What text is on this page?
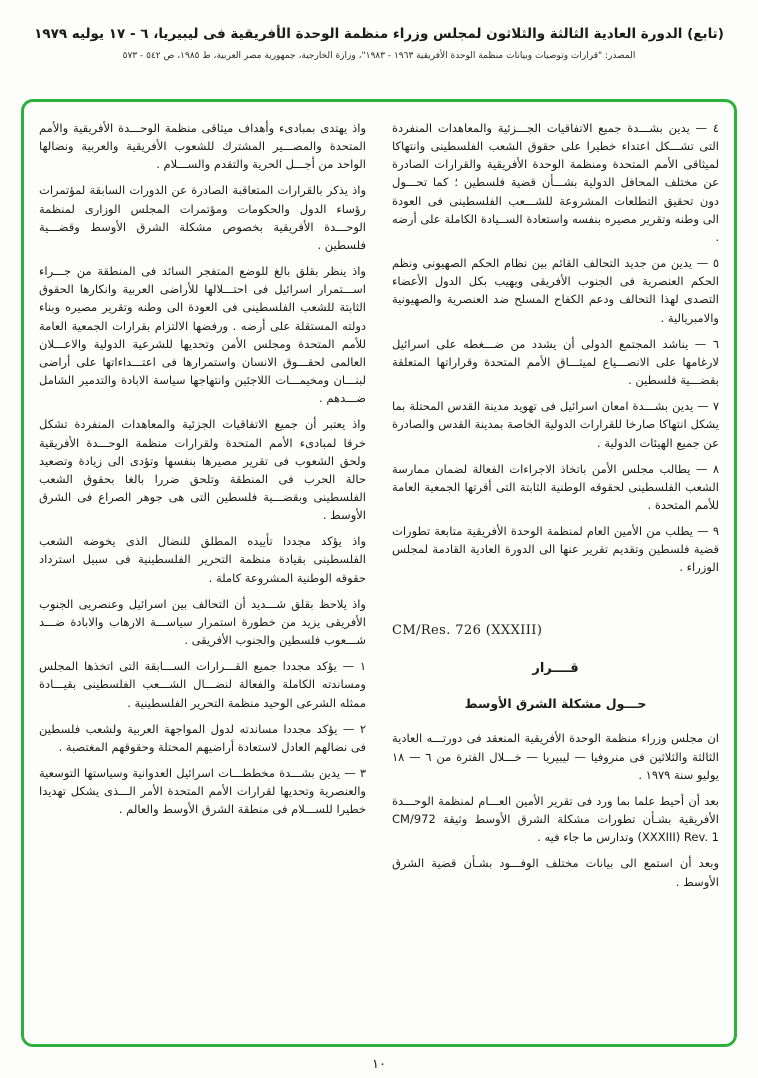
(تابع) الدورة العادية الثالثة والثلاثون لمجلس وزراء منظمة الوحدة الأفريقية فى ليبيريا، ٦ - ١٧ يوليه ١٩٧٩
المصدر: "قرارات وتوصيات وبيانات منظمة الوحدة الأفريقية ١٩٦٣ - ١٩٨٣"، وزارة الخارجية، جمهورية مصر العربية، ط ١٩٨٥، ص ٥٤٢ - ٥٧٣

٤ — يدين بشـــدة جميع الاتفاقيات الجـــزئية والمعاهدات المنفردة التى تشـــكل اعتداء خطيرا على حقوق الشعب الفلسطينى وانتهاكا لميثاقى الأمم المتحدة ومنظمة الوحدة الأفريقية والقرارات الصادرة عن مختلف المحافل الدولية بشـــأن قضية فلسطين ؛ كما تحـــول دون تحقيق التطلعات المشروعة للشـــعب الفلسطينى فى العودة الى وطنه وتقرير مصيره بنفسه واستعادة الســيادة الكاملة على أرضه .

٥ — يدين من جديد التحالف القائم بين نظام الحكم الصهيونى ونظم الحكم العنصرية فى الجنوب الأفريقى ويهيب بكل الدول الأعضاء التصدى لهذا التحالف ودعم الكفاح المسلح ضد العنصرية والصهيونية والامبريالية .

٦ — يناشد المجتمع الدولى أن يشدد من ضـــغطه على اسرائيل لارغامها على الانصـــياع لميثـــاق الأمم المتحدة وقراراتها المتعلقة بقضـــية فلسطين .

٧ — يدين بشـــدة امعان اسرائيل فى تهويد مدينة القدس المحتلة بما يشكل انتهاكا صارخا للقرارات الدولية الخاصة بمدينة القدس والصادرة عن جميع الهيئات الدولية .

٨ — يطالب مجلس الأمن باتخاذ الاجراءات الفعالة لضمان ممارسة الشعب الفلسطينى لحقوقه الوطنية الثابتة التى أقرتها الجمعية العامة للأمم المتحدة .

٩ — يطلب من الأمين العام لمنظمة الوحدة الأفريقية متابعة تطورات قضية فلسطين وتقديم تقرير عنها الى الدورة العادية القادمة لمجلس الوزراء .

CM/Res. 726 (XXXIII)
قــــرار
حـــول مشكلة الشرق الأوسط

ان مجلس وزراء منظمة الوحدة الأفريقية المنعقد فى دورتـــه العادية الثالثة والثلاثين فى منروفيا — ليبيريا — خـــلال الفترة من ٦ — ١٨ يوليو سنة ١٩٧٩ .

بعد أن أحيط علما بما ورد فى تقرير الأمين العـــام لمنظمة الوحـــدة الأفريقية بشـأن تطورات مشكلة الشرق الأوسط وثيقة CM/972 (XXXIII) Rev. 1 وتدارس ما جاء فيه .

وبعد أن استمع الى بيانات مختلف الوفـــود بشـأن قضية الشرق الأوسط .

واذ يهتدى بمبادىء وأهداف ميثاقى منظمة الوحـــدة الأفريقية والأمم المتحدة والمصـــير المشترك للشعوب الأفريقية والعربية ونضالها الواحد من أجـــل الحرية والتقدم والســـلام .

واذ يذكر بالقرارات المتعاقبة الصادرة عن الدورات السابقة لمؤتمرات رؤساء الدول والحكومات ومؤتمرات المجلس الوزارى لمنظمة الوحـــدة الأفريقية بخصوص مشكلة الشرق الأوسط وقضـــية فلسطين .

واذ ينظر بقلق بالغ للوضع المتفجر السائد فى المنطقة من جـــراء اســـتمرار اسرائيل فى احتـــلالها للأراضى العربية وانكارها الحقوق الثابتة للشعب الفلسطينى فى العودة الى وطنه وتقرير مصيره وبناء دولته المستقلة على أرضه . ورفضها الالتزام بقرارات الجمعية العامة للأمم المتحدة ومجلس الأمن وتحديها للشرعية الدولية والاعـــلان العالمى لحقـــوق الانسان واستمرارها فى اعتـــداءاتها على أراضى لبنـــان ومخيمـــات اللاجئين وانتهاجها سياسة الابادة والتدمير الشامل ضـــدهم .

واذ يعتبر أن جميع الاتفاقيات الجزئية والمعاهدات المنفردة تشكل خرقا لمبادىء الأمم المتحدة ولقرارات منظمة الوحـــدة الأفريقية ولحق الشعوب فى تقرير مصيرها بنفسها وتؤدى الى زيادة وتصعيد حالة الحرب فى المنطقة وتلحق ضررا بالغا بحقوق الشعب الفلسطينى وبقضـــية فلسطين التى هى جوهر الصراع فى الشرق الأوسط .

واذ يؤكد مجددا تأييده المطلق للنضال الذى يخوضه الشعب الفلسطينى بقيادة منظمة التحرير الفلسطينية فى سبيل استرداد حقوقه الوطنية المشروعة كاملة .

واذ يلاحظ بقلق شـــديد أن التحالف بين اسرائيل وعنصريى الجنوب الأفريقى يزيد من خطورة استمرار سياســـة الارهاب والابادة ضـــد شـــعوب فلسطين والجنوب الأفريقى .

١ — يؤكد مجددا جميع القـــرارات الســـابقة التى اتخذها المجلس ومساندته الكاملة والفعالة لنضـــال الشـــعب الفلسطينى بقيـــادة ممثله الشرعى الوحيد منظمة التحرير الفلسطينية .

٢ — يؤكد مجددا مساندته لدول المواجهة العربية ولشعب فلسطين فى نضالهم العادل لاستعادة أراضيهم المحتلة وحقوقهم المغتصبة .

٣ — يدين بشـــدة مخططـــات اسرائيل العدوانية وسياستها التوسعية والعنصرية وتحديها لقرارات الأمم المتحدة الأمر الـــذى يشكل تهديدا خطيرا للســـلام فى منطقة الشرق الأوسط والعالم .

١٠
